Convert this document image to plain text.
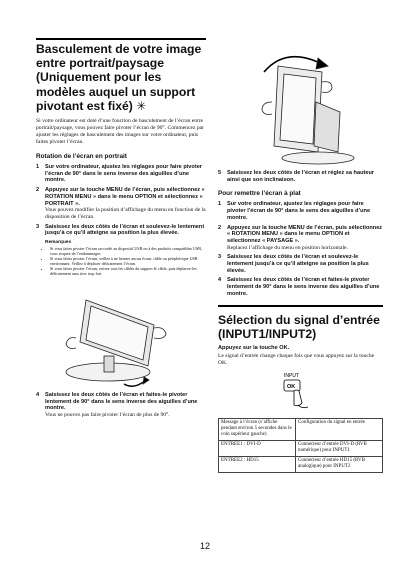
Basculement de votre image entre portrait/paysage (Uniquement pour les modèles auquel un support pivotant est fixé) ✳

Si votre ordinateur est doté d’une fonction de basculement de l’écran entre portrait/paysage, vous pouvez faire pivoter l’écran de 90°. Commencez par ajuster les réglages de basculement des images sur votre ordinateur, puis faites pivoter l’écran.

Rotation de l’écran en portrait
1	Sur votre ordinateur, ajustez les réglages pour faire pivoter l’écran de 90° dans le sens inverse des aiguilles d’une montre.
2	Appuyez sur la touche MENU de l’écran, puis sélectionnez « ROTATION MENU » dans le menu OPTION et sélectionnez « PORTRAIT ».
Vous pouvez modifier la position d’affichage du menu en fonction de la disposition de l’écran.
3	Saisissez les deux côtés de l’écran et soulevez-le lentement jusqu’à ce qu’il atteigne sa position la plus élevée.
Remarques
• Si vous faites pivoter l’écran raccordé au dispositif USB ou à des produits compatibles USB, vous risquez de l’endommager.
• Si vous faites pivoter l’écran, veillez à ne heurter aucun écran, câble ou périphérique USB environnant. Veillez à déplacer délicatement l’écran.
• Si vous faites pivoter l’écran, retirez tous les câbles du support & câble, puis déplacez-les délicatement sans tirer trop fort.
4	Saisissez les deux côtés de l’écran et faites-le pivoter lentement de 90° dans le sens inverse des aiguilles d’une montre.
Vous ne pouvez pas faire pivoter l’écran de plus de 90°.
5	Saisissez les deux côtés de l’écran et réglez sa hauteur ainsi que son inclinaison.
Pour remettre l’écran à plat
1	Sur votre ordinateur, ajustez les réglages pour faire pivoter l’écran de 90° dans le sens des aiguilles d’une montre.
2	Appuyez sur la touche MENU de l’écran, puis sélectionnez « ROTATION MENU » dans le menu OPTION et sélectionnez « PAYSAGE ».
Replacez l’affichage du menu en position horizontale.
3	Saisissez les deux côtés de l’écran et soulevez-le lentement jusqu’à ce qu’il atteigne sa position la plus élevée.
4	Saisissez les deux côtés de l’écran et faites-le pivoter lentement de 90° dans le sens inverse des aiguilles d’une montre.
Sélection du signal d’entrée (INPUT1/INPUT2)
Appuyez sur la touche OK.

Le signal d’entrée change chaque fois que vous appuyez sur la touche OK.

INPUT
OK
Message à l’écran (s’affiche pendant environ 5 secondes dans le coin supérieur gauche)	Configuration du signal en entrée
ENTRÉE1 : DVI-D	Connecteur d’entrée DVI-D (RVB numérique) pour INPUT1
ENTRÉE2 : HD15	Connecteur d’entrée HD15 (RVB analogique) pour INPUT2
12
